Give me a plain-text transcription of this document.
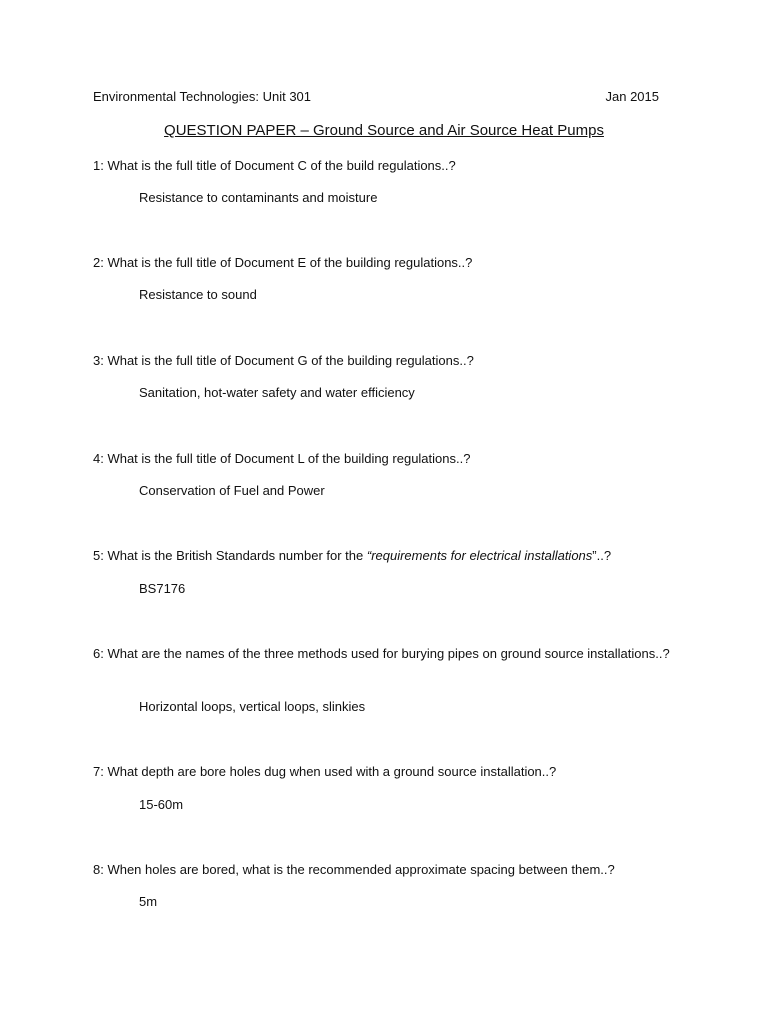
Environmental Technologies: Unit 301	Jan 2015
QUESTION PAPER – Ground Source and Air Source Heat Pumps
1: What is the full title of Document C of the build regulations..?
Resistance to contaminants and moisture
2: What is the full title of Document E of the building regulations..?
Resistance to sound
3: What is the full title of Document G of the building regulations..?
Sanitation, hot-water safety and water efficiency
4: What is the full title of Document L of the building regulations..?
Conservation of Fuel and Power
5: What is the British Standards number for the “requirements for electrical installations”..?
BS7176
6: What are the names of the three methods used for burying pipes on ground source installations..?
Horizontal loops, vertical loops, slinkies
7: What depth are bore holes dug when used with a ground source installation..?
15-60m
8: When holes are bored, what is the recommended approximate spacing between them..?
5m
